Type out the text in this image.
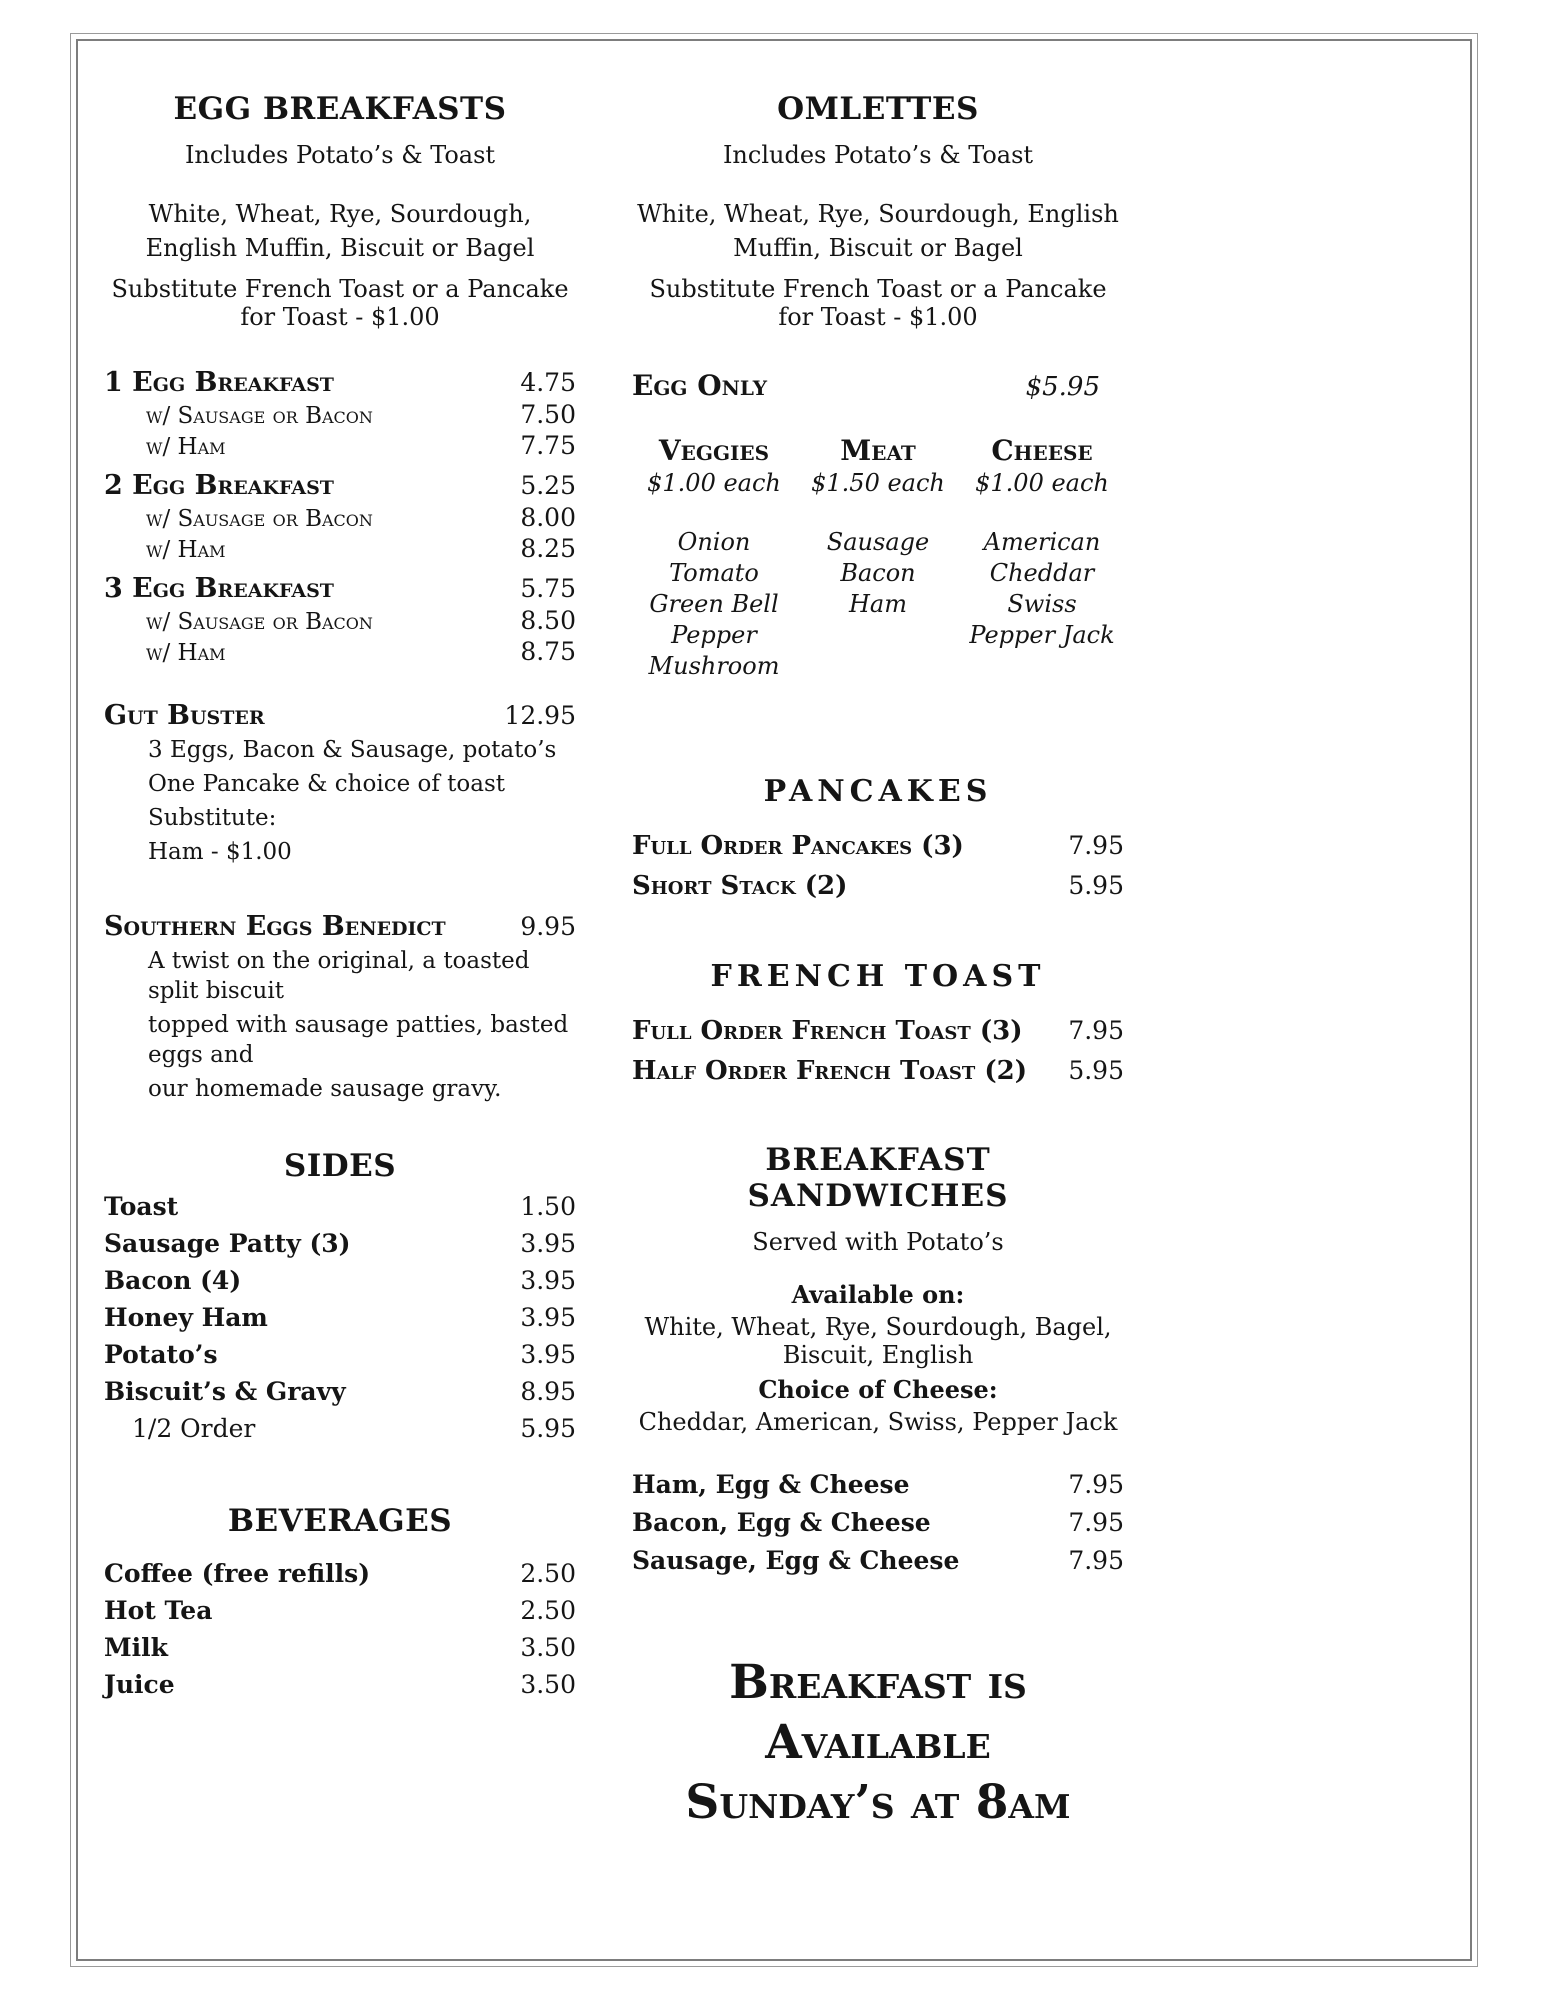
EGG BREAKFASTS

Includes Potato’s & Toast

White, Wheat, Rye, Sourdough, English Muffin, Biscuit or Bagel

Substitute French Toast or a Pancake for Toast - $1.00

1 Egg Breakfast	4.75
w/ Sausage or Bacon	7.50
w/ Ham	7.75
2 Egg Breakfast	5.25
w/ Sausage or Bacon	8.00
w/ Ham	8.25
3 Egg Breakfast	5.75
w/ Sausage or Bacon	8.50
w/ Ham	8.75
Gut Buster	12.95

3 Eggs, Bacon & Sausage, potato’s

One Pancake & choice of toast

Substitute:

Ham - $1.00

Southern Eggs Benedict	9.95

A twist on the original, a toasted split biscuit

topped with sausage patties, basted eggs and

our homemade sausage gravy.

SIDES
Toast	1.50
Sausage Patty (3)	3.95
Bacon (4)	3.95
Honey Ham	3.95
Potato’s	3.95
Biscuit’s & Gravy	8.95
1/2 Order	5.95
BEVERAGES
Coffee (free refills)	2.50
Hot Tea	2.50
Milk	3.50
Juice	3.50
OMLETTES

Includes Potato’s & Toast

White, Wheat, Rye, Sourdough, English Muffin, Biscuit or Bagel

Substitute French Toast or a Pancake for Toast - $1.00

Egg Only	$5.95
Veggies
$1.00 each
Onion
Tomato
Green Bell Pepper
Mushroom
Meat
$1.50 each
Sausage
Bacon
Ham
Cheese
$1.00 each
American
Cheddar
Swiss
Pepper Jack
PANCAKES
Full Order Pancakes (3)	7.95
Short Stack (2)	5.95
FRENCH TOAST
Full Order French Toast (3) 7.95
Half Order French Toast (2) 5.95
BREAKFAST SANDWICHES

Served with Potato’s

Available on:

White, Wheat, Rye, Sourdough, Bagel, Biscuit, English

Choice of Cheese:

Cheddar, American, Swiss, Pepper Jack

Ham, Egg & Cheese	7.95
Bacon, Egg & Cheese	7.95
Sausage, Egg & Cheese	7.95
Breakfast is Available
Sunday’s at 8am
